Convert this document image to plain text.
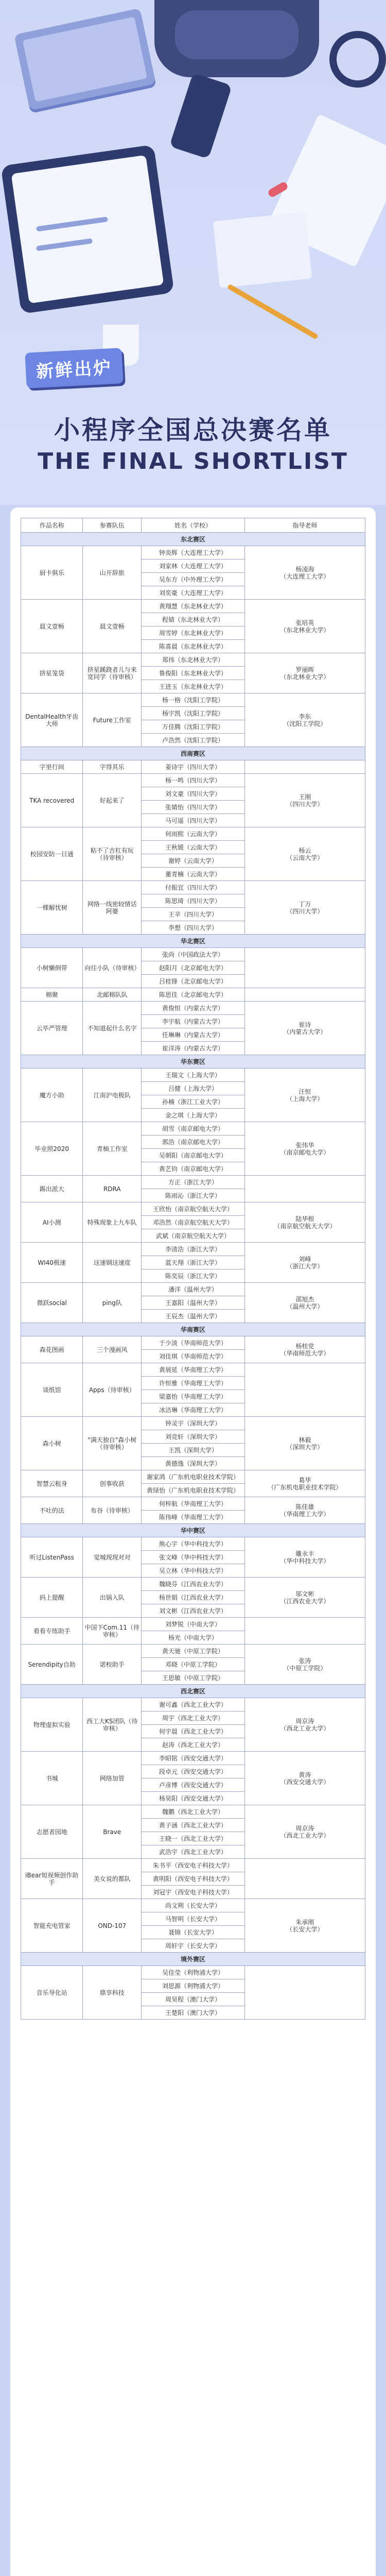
新鲜出炉
小程序全国总决赛名单
THE FINAL SHORTLIST
作品名称	参赛队伍	姓名（学校）	指导老师
东北赛区			
厨卡俱乐	山开辞旅	钟炎辉（大连理工大学）	杨凌海
（大连理工大学）
		刘家林（大连理工大学）	
		吴东方（中外理工大学）	
		刘奕豪（大连理工大学）	
晨文壹畅	晨文壹畅	黄翔慧（东北林业大学）	张培英
（东北林业大学）
		程婧（东北林业大学）	
		周雪婷（东北林业大学）	
		陈喜晨（东北林业大学）	
挤星笼袋	挤星蹊跷者儿与来宽同学（待审核）	郑伟（东北林业大学）	罗丽晖
（东北林业大学）
		鲁俊阳（东北林业大学）	
		王进玉（东北林业大学）	
DentalHealth牙齿大师	Future工作室	杨一格（沈阳工学院）	李东
（沈阳工学院）
		杨宇凯（沈阳工学院）	
		万佳腾（沈阳工学院）	
		卢浩然（沈阳工学院）	
西南赛区			
字里行间	字得其乐	姜诗宇（四川大学）	
TKA recovered	好起来了	杨一鸣（四川大学）	王刚
（四川大学）
		刘文豪（四川大学）	
		张婧怡（四川大学）	
		马可遥（四川大学）	
校园安防一日通	粘不了吉杠有玩（待审核）	何雨熙（云南大学）	杨云
（云南大学）
		王秋媛（云南大学）	
		谢婷（云南大学）	
		董青楠（云南大学）	
一棵解忧树	网络一线密较情话阿婆	付振宜（四川大学）	丁万
（四川大学）
		陈思琦（四川大学）	
		王辛（四川大学）	
		李想（四川大学）	
华北赛区			
小树懒倒带	向往小队（待审核）	张尚（中国政法大学）	
		赵阳月（北京邮电大学）	
		吕桂锋（北京邮电大学）	
棉聚	北邮棉队队	陈思佳（北京邮电大学）	
云毕严管理	不知道起什么名字	黄俊恒（内蒙古大学）	崔诗
（内蒙古大学）
		李宇航（内蒙古大学）	
		任琳琳（内蒙古大学）	
		崔洋涛（内蒙古大学）	
华东赛区			
魔方小助	江南沪电极队	王瑞文（上海大学）	汪恒
（上海大学）
		吕健（上海大学）	
		孙楠（浙江工业大学）	
		金之琪（上海大学）	
毕业照2020	青柚工作室	胡雪（南京邮电大学）	张伟华
（南京邮电大学）
		郭浩（南京邮电大学）	
		吴朝阳（南京邮电大学）	
		黄艺钧（南京邮电大学）	
踢出派大	RDRA	方正（浙江大学）	
		陈雨沁（浙江大学）	
AI小测	特殊现象上九车队	王欣怡（南京航空航天大学）	陆华根
（南京航空航天大学）
		邓浩然（南京航空航天大学）	
		武斌（南京航空航天大学）	
WI40极速	这速钢这速度	李清浩（浙江大学）	刘峰
（浙江大学）
		蓝天翔（浙江大学）	
		陈奕辰（浙江大学）	
微跃social	ping队	潘洋（温州大学）	邵旭杰
（温州大学）
		王嘉阳（温州大学）	
		王辰杰（温州大学）	
华南赛区			
森花图画	三个漫画风	于少淡（华南师范大学）	杨桂党
（华南师范大学）
		刘佳琪（华南师范大学）	
谈纸馆	Apps（待审核）	黄展延（华南理工大学）	
		许恒雅（华南理工大学）	
		梁嘉怡（华南理工大学）	
		冰洁琳（华南理工大学）	
森小树	"满天独自"森小树（待审核）	钟灵宇（深圳大学）	林毅
（深圳大学）
		刘竞轩（深圳大学）	
		王凯（深圳大学）	
		黄德逸（深圳大学）	
智慧云租身	创事收获	谢家鸿（广东机电职业技术学院）	葛华
（广东机电职业技术学院）
		黄绿怡（广东机电职业技术学院）	
不吐的法	布谷（待审核）	何梓航（华南理工大学）	陈佳雄
（华南理工大学）
		陈伟峰（华南理工大学）	
华中赛区			
听过ListenPass	觉城现现对对	熊心宇（华中科技大学）	雕永丰
（华中科技大学）
		张文峰（华中科技大学）	
		吴立林（华中科技大学）	
码上提醒	出锅入队	魏晓芬（江西农业大学）	邬文彬
（江西农业大学）
		杨世娟（江西农业大学）	
		刘文彬（江西农业大学）	
看看专练助手	中国下Com.11（待审核）	刘梦锐（中南大学）	
		杨光（中南大学）	
Serendipity自助	诺校助手	黄天驰（中原工学院）	张涛
（中原工学院）
		邓晓（中原工学院）	
		王思敏（中原工学院）	
西北赛区			
物理虚拟实验	西工大KS团队（待审核）	谢可鑫（西北工业大学）	周京涛
（西北工业大学）
		周宇（西北工业大学）	
		何宇晨（西北工业大学）	
		赵涛（西北工业大学）	
书城	网络加管	李昭铭（西安交通大学）	黄涛
（西安交通大学）
		段卓元（西安交通大学）	
		卢彦博（西安交通大学）	
		杨昊阳（西安交通大学）	
志愿者园地	Brave	魏鹏（西北工业大学）	周京涛
（西北工业大学）
		黄子涵（西北工业大学）	
		王晓一（西北工业大学）	
		武浩宇（西北工业大学）	
iBear短视频创作助手	美女说的都队	朱书平（西安电子科技大学）	
		黄明阳（西安电子科技大学）	
		刘冠宇（西安电子科技大学）	
智能充电管家	OND-107	尚文朔（长安大学）	朱承刚
（长安大学）
		马智明（长安大学）	
		聂锦（长安大学）	
		周轩宇（长安大学）	
境外赛区			
音乐导化站	鼎享科技	吴佳莹（利物浦大学）	
		刘思源（利物浦大学）	
		周昊程（澳门大学）	
		王楚阳（澳门大学）	
